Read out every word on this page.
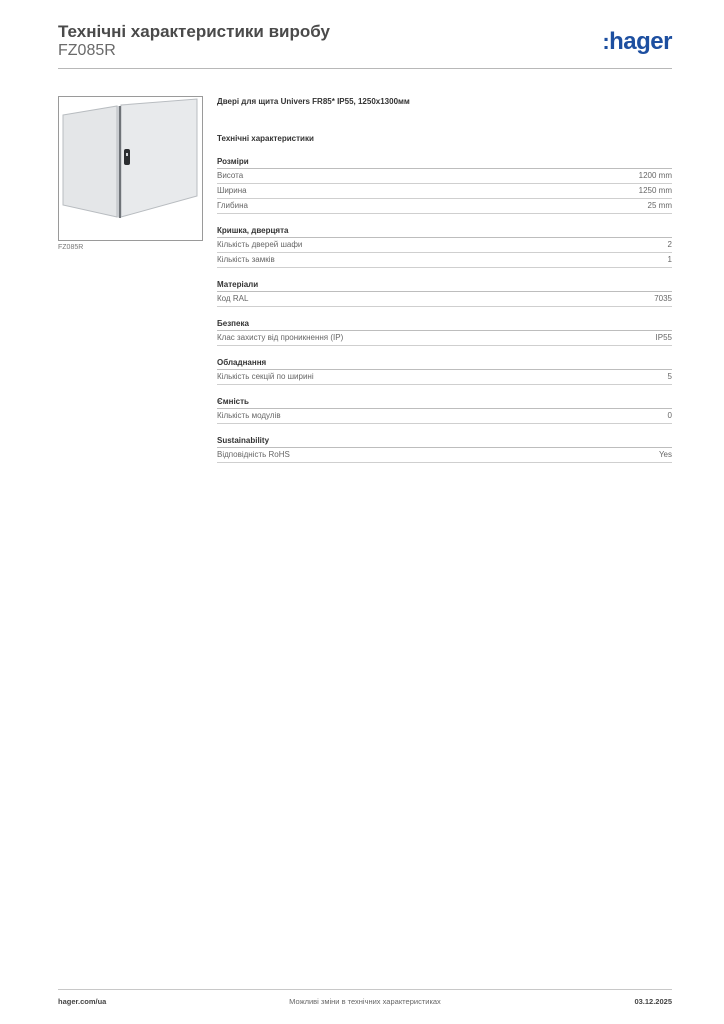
Технічні характеристики виробу
FZ085R	:hager
FZ085R
Двері для щита Univers FR85* IP55, 1250х1300мм
Технічні характеристики
Розміри
Висота	1200 mm
Ширина	1250 mm
Глибина	25 mm
Кришка, дверцята
Кількість дверей шафи	2
Кількість замків	1
Матеріали
Код RAL	7035
Безпека
Клас захисту від проникнення (IP)	IP55
Обладнання
Кількість секцій по ширині	5
Ємність
Кількість модулів	0
Sustainability
Відповідність RoHS	Yes
hager.com/ua	Можливі зміни в технічних характеристиках	03.12.2025
